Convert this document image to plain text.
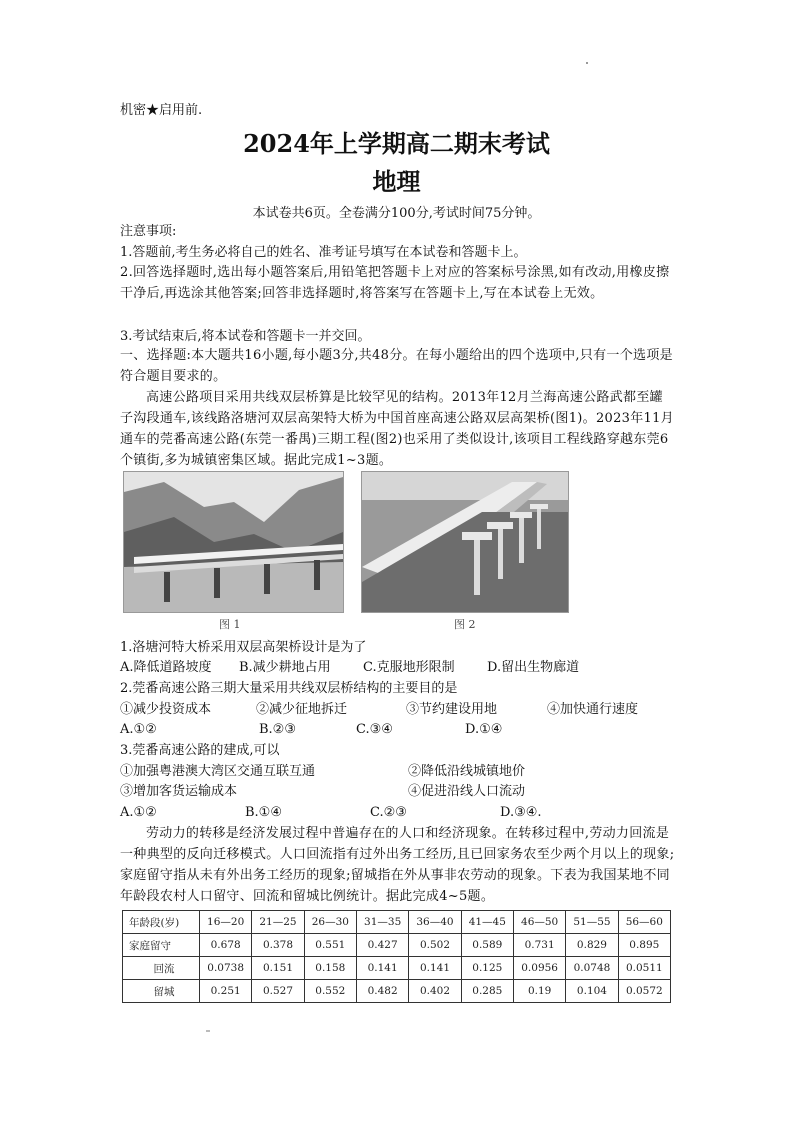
机密★启用前.
2024年上学期高二期末考试
地理
本试卷共6页。全卷满分100分,考试时间75分钟。
注意事项:
1.答题前,考生务必将自己的姓名、准考证号填写在本试卷和答题卡上。
2.回答选择题时,选出每小题答案后,用铅笔把答题卡上对应的答案标号涂黑,如有改动,用橡皮擦干净后,再选涂其他答案;回答非选择题时,将答案写在答题卡上,写在本试卷上无效。
3.考试结束后,将本试卷和答题卡一并交回。
一、选择题:本大题共16小题,每小题3分,共48分。在每小题给出的四个选项中,只有一个选项是符合题目要求的。
高速公路项目采用共线双层桥算是比较罕见的结构。2013年12月兰海高速公路武都至罐子沟段通车,该线路洛塘河双层高架特大桥为中国首座高速公路双层高架桥(图1)。2023年11月通车的莞番高速公路(东莞一番禺)三期工程(图2)也采用了类似设计,该项目工程线路穿越东莞6个镇街,多为城镇密集区域。据此完成1~3题。
图 1	图 2
1.洛塘河特大桥采用双层高架桥设计是为了
A.降低道路坡度 B.减少耕地占用 C.克服地形限制 D.留出生物廊道
2.莞番高速公路三期大量采用共线双层桥结构的主要目的是
①减少投资成本	②减少征地拆迁	③节约建设用地	④加快通行速度
A.①②	B.②③	C.③④	D.①④
3.莞番高速公路的建成,可以
①加强粤港澳大湾区交通互联互通	②降低沿线城镇地价
③增加客货运输成本	④促进沿线人口流动
A.①②	B.①④	C.②③	D.③④.
劳动力的转移是经济发展过程中普遍存在的人口和经济现象。在转移过程中,劳动力回流是一种典型的反向迁移模式。人口回流指有过外出务工经历,且已回家务农至少两个月以上的现象;家庭留守指从未有外出务工经历的现象;留城指在外从事非农劳动的现象。下表为我国某地不同年龄段农村人口留守、回流和留城比例统计。据此完成4~5题。
年龄段(岁)	16—20	21—25	26—30	31—35	36—40	41—45	46—50	51—55	56—60
家庭留守	0.678	0.378	0.551	0.427	0.502	0.589	0.731	0.829	0.895
回流	0.0738	0.151	0.158	0.141	0.141	0.125	0.0956	0.0748	0.0511
留城	0.251	0.527	0.552	0.482	0.402	0.285	0.19	0.104	0.0572
